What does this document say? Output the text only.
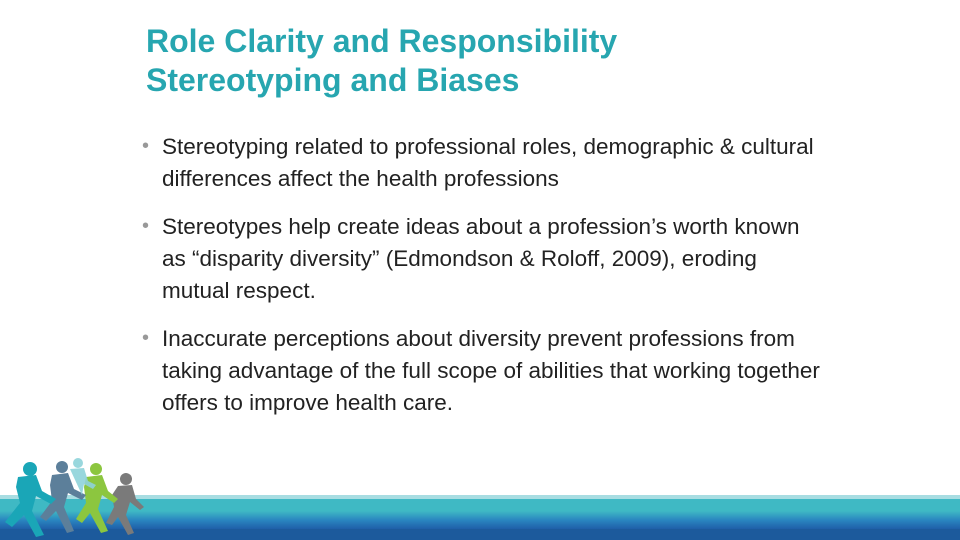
Role Clarity and Responsibility
Stereotyping and Biases
• Stereotyping related to professional roles, demographic & cultural differences affect the health professions
• Stereotypes help create ideas about a profession’s worth known as “disparity diversity” (Edmondson & Roloff, 2009), eroding mutual respect.
• Inaccurate perceptions about diversity prevent professions from taking advantage of the full scope of abilities that working together offers to improve health care.
